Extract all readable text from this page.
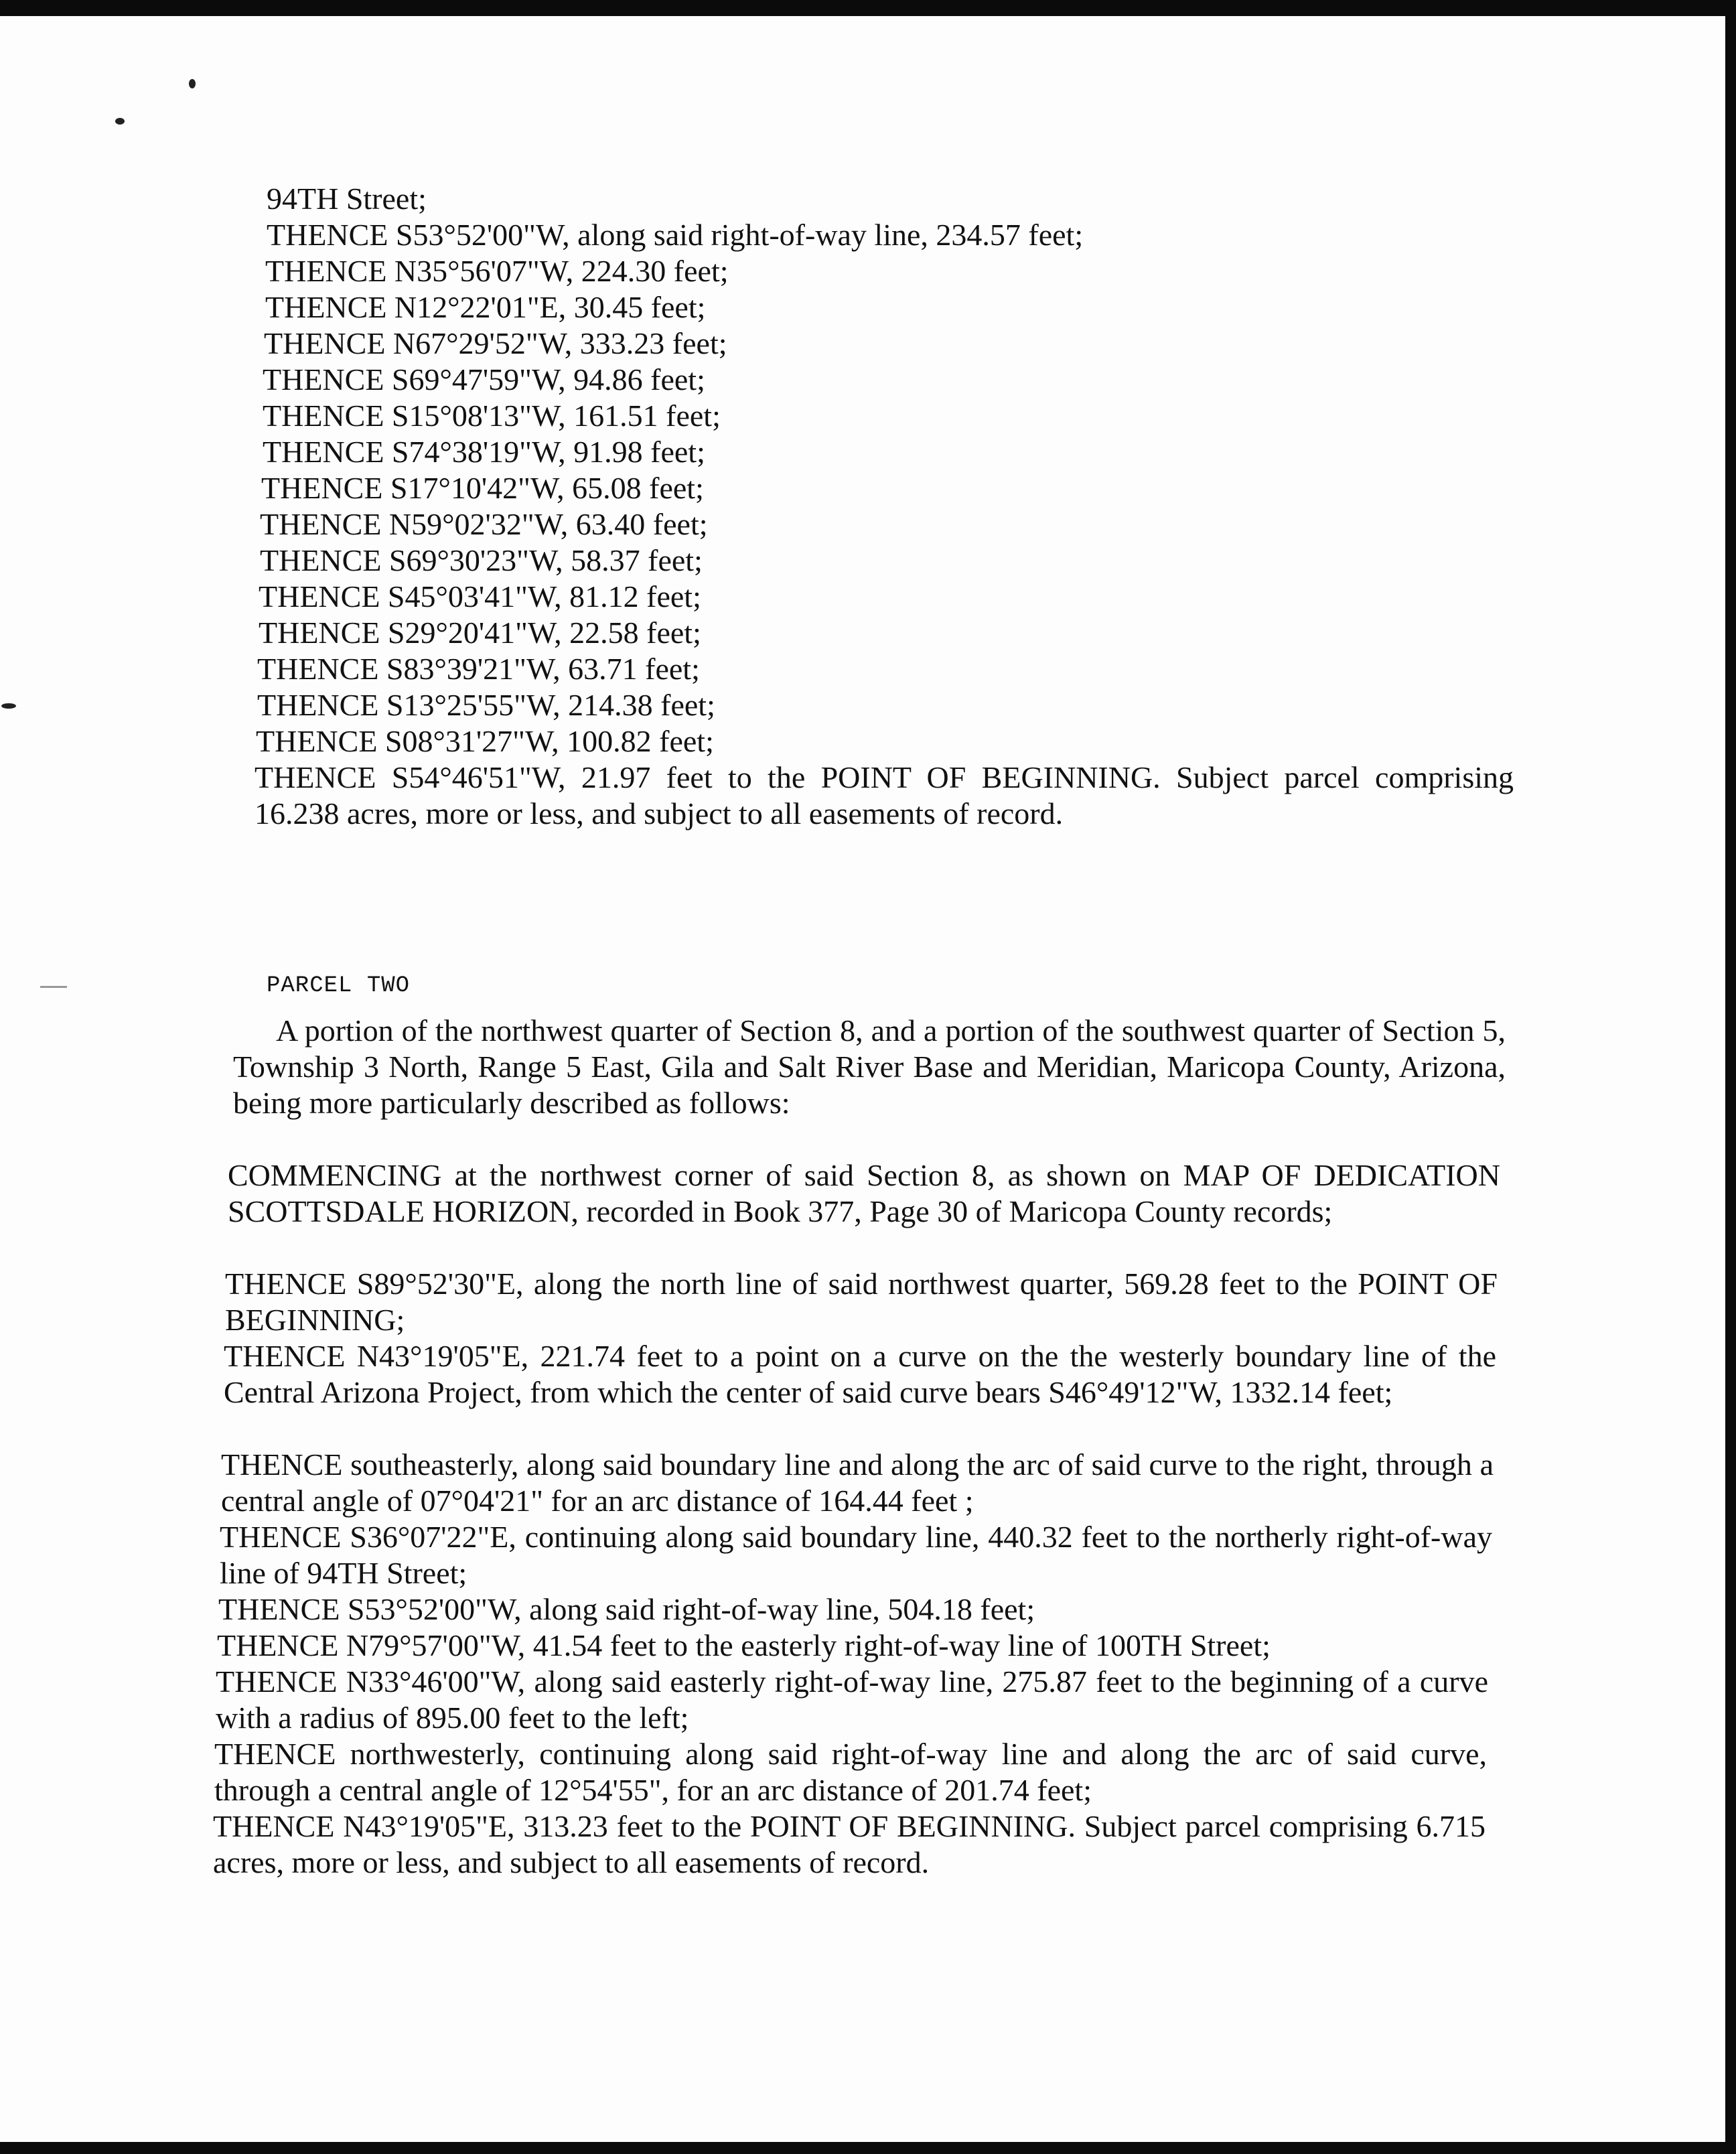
94TH Street;
THENCE S53°52'00"W, along said right-of-way line, 234.57 feet;
THENCE N35°56'07"W, 224.30 feet;
THENCE N12°22'01"E, 30.45 feet;
THENCE N67°29'52"W, 333.23 feet;
THENCE S69°47'59"W, 94.86 feet;
THENCE S15°08'13"W, 161.51 feet;
THENCE S74°38'19"W, 91.98 feet;
THENCE S17°10'42"W, 65.08 feet;
THENCE N59°02'32"W, 63.40 feet;
THENCE S69°30'23"W, 58.37 feet;
THENCE S45°03'41"W, 81.12 feet;
THENCE S29°20'41"W, 22.58 feet;
THENCE S83°39'21"W, 63.71 feet;
THENCE S13°25'55"W, 214.38 feet;
THENCE S08°31'27"W, 100.82 feet;
THENCE S54°46'51"W, 21.97 feet to the POINT OF BEGINNING. Subject parcel comprising 16.238 acres, more or less, and subject to all easements of record.
PARCEL TWO
A portion of the northwest quarter of Section 8, and a portion of the southwest quarter of Section 5, Township 3 North, Range 5 East, Gila and Salt River Base and Meridian, Maricopa County, Arizona, being more particularly described as follows:
COMMENCING at the northwest corner of said Section 8, as shown on MAP OF DEDICATION SCOTTSDALE HORIZON, recorded in Book 377, Page 30 of Maricopa County records;
THENCE S89°52'30"E, along the north line of said northwest quarter, 569.28 feet to the POINT OF BEGINNING;
THENCE N43°19'05"E, 221.74 feet to a point on a curve on the the westerly boundary line of the Central Arizona Project, from which the center of said curve bears S46°49'12"W, 1332.14 feet;
THENCE southeasterly, along said boundary line and along the arc of said curve to the right, through a central angle of 07°04'21" for an arc distance of 164.44 feet ;
THENCE S36°07'22"E, continuing along said boundary line, 440.32 feet to the northerly right-of-way line of 94TH Street;
THENCE S53°52'00"W, along said right-of-way line, 504.18 feet;
THENCE N79°57'00"W, 41.54 feet to the easterly right-of-way line of 100TH Street;
THENCE N33°46'00"W, along said easterly right-of-way line, 275.87 feet to the beginning of a curve with a radius of 895.00 feet to the left;
THENCE northwesterly, continuing along said right-of-way line and along the arc of said curve, through a central angle of 12°54'55", for an arc distance of 201.74 feet;
THENCE N43°19'05"E, 313.23 feet to the POINT OF BEGINNING. Subject parcel comprising 6.715 acres, more or less, and subject to all easements of record.
